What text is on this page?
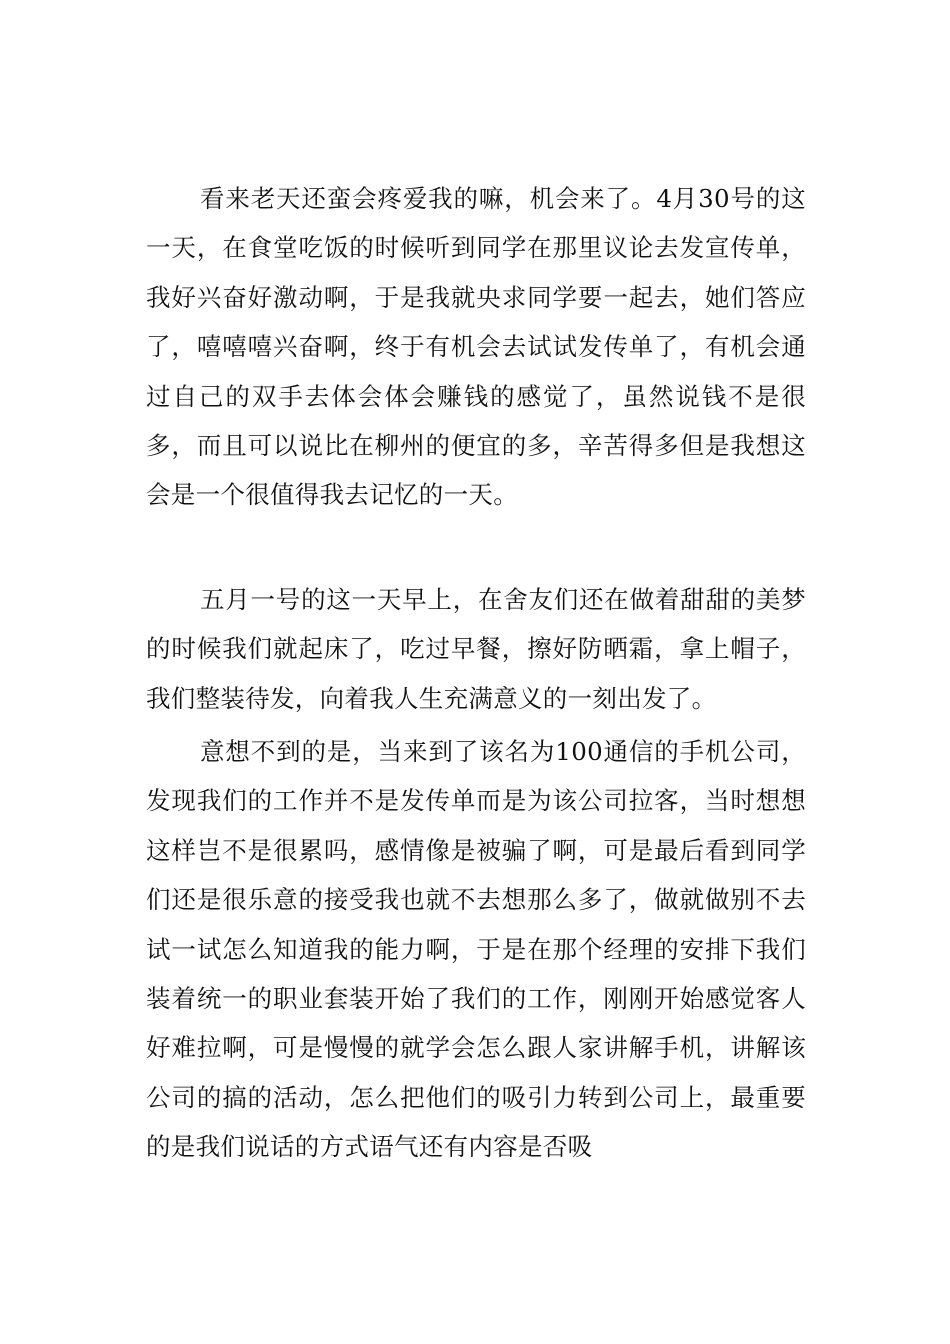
看来老天还蛮会疼爱我的嘛，机会来了。4月30号的这一天，在食堂吃饭的时候听到同学在那里议论去发宣传单，我好兴奋好激动啊，于是我就央求同学要一起去，她们答应了，嘻嘻嘻兴奋啊，终于有机会去试试发传单了，有机会通过自己的双手去体会体会赚钱的感觉了，虽然说钱不是很多，而且可以说比在柳州的便宜的多，辛苦得多但是我想这会是一个很值得我去记忆的一天。

五月一号的这一天早上，在舍友们还在做着甜甜的美梦的时候我们就起床了，吃过早餐，擦好防晒霜，拿上帽子，我们整装待发，向着我人生充满意义的一刻出发了。

意想不到的是，当来到了该名为100通信的手机公司，发现我们的工作并不是发传单而是为该公司拉客，当时想想这样岂不是很累吗，感情像是被骗了啊，可是最后看到同学们还是很乐意的接受我也就不去想那么多了，做就做别不去试一试怎么知道我的能力啊，于是在那个经理的安排下我们装着统一的职业套装开始了我们的工作，刚刚开始感觉客人好难拉啊，可是慢慢的就学会怎么跟人家讲解手机，讲解该公司的搞的活动，怎么把他们的吸引力转到公司上，最重要的是我们说话的方式语气还有内容是否吸
